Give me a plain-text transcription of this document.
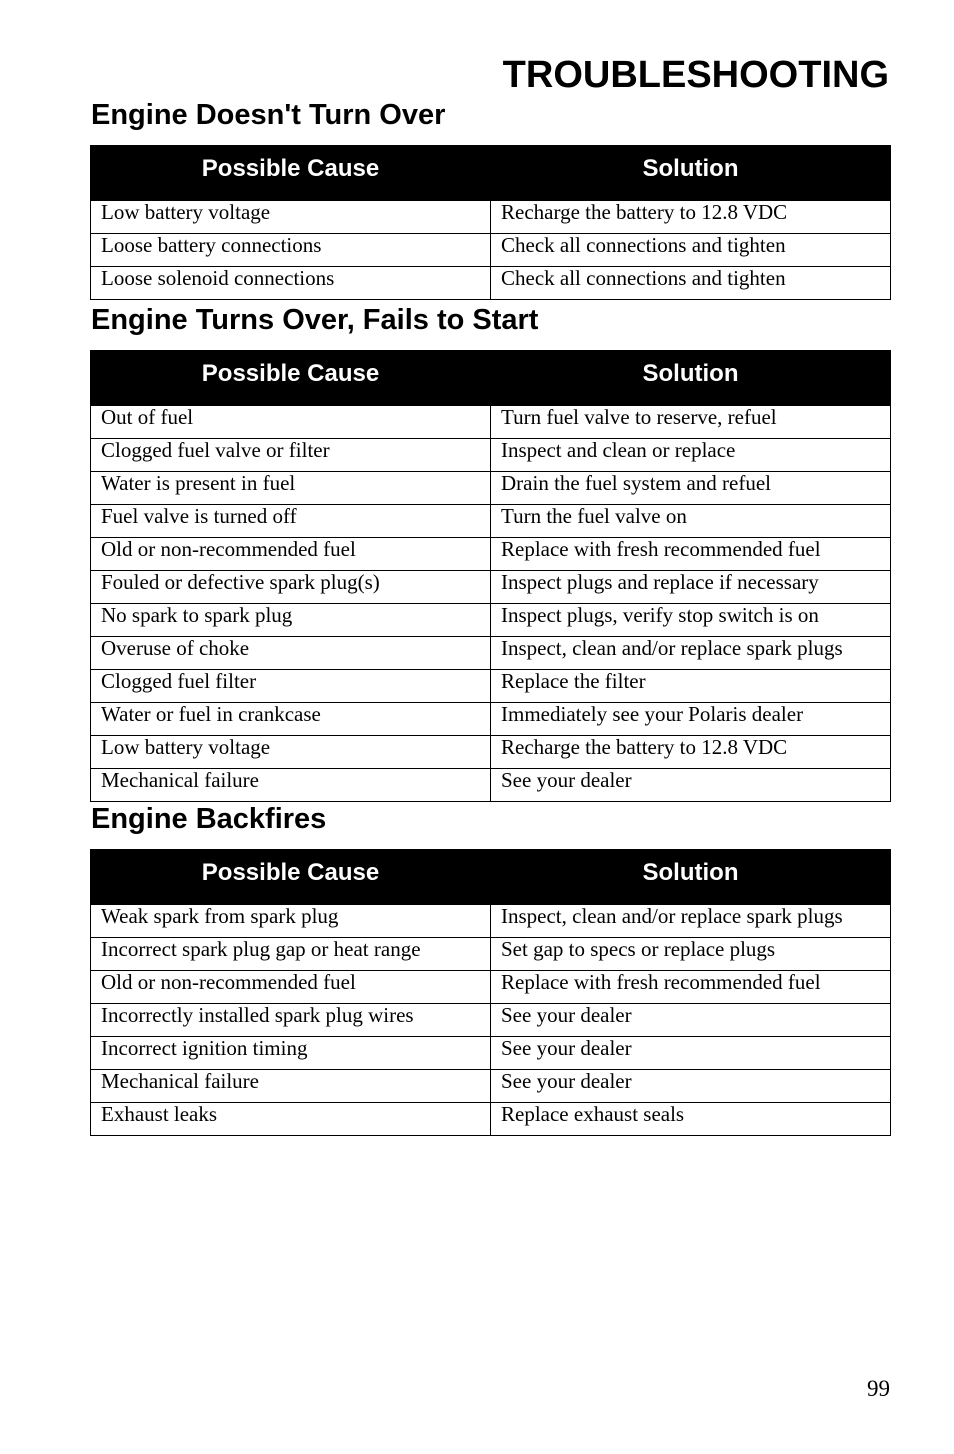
TROUBLESHOOTING
Engine Doesn't Turn Over
Possible Cause	Solution
Low battery voltage	Recharge the battery to 12.8 VDC
Loose battery connections	Check all connections and tighten
Loose solenoid connections	Check all connections and tighten
Engine Turns Over, Fails to Start
Possible Cause	Solution
Out of fuel	Turn fuel valve to reserve, refuel
Clogged fuel valve or filter	Inspect and clean or replace
Water is present in fuel	Drain the fuel system and refuel
Fuel valve is turned off	Turn the fuel valve on
Old or non-recommended fuel	Replace with fresh recommended fuel
Fouled or defective spark plug(s)	Inspect plugs and replace if necessary
No spark to spark plug	Inspect plugs, verify stop switch is on
Overuse of choke	Inspect, clean and/or replace spark plugs
Clogged fuel filter	Replace the filter
Water or fuel in crankcase	Immediately see your Polaris dealer
Low battery voltage	Recharge the battery to 12.8 VDC
Mechanical failure	See your dealer
Engine Backfires
Possible Cause	Solution
Weak spark from spark plug	Inspect, clean and/or replace spark plugs
Incorrect spark plug gap or heat range	Set gap to specs or replace plugs
Old or non-recommended fuel	Replace with fresh recommended fuel
Incorrectly installed spark plug wires	See your dealer
Incorrect ignition timing	See your dealer
Mechanical failure	See your dealer
Exhaust leaks	Replace exhaust seals
99
